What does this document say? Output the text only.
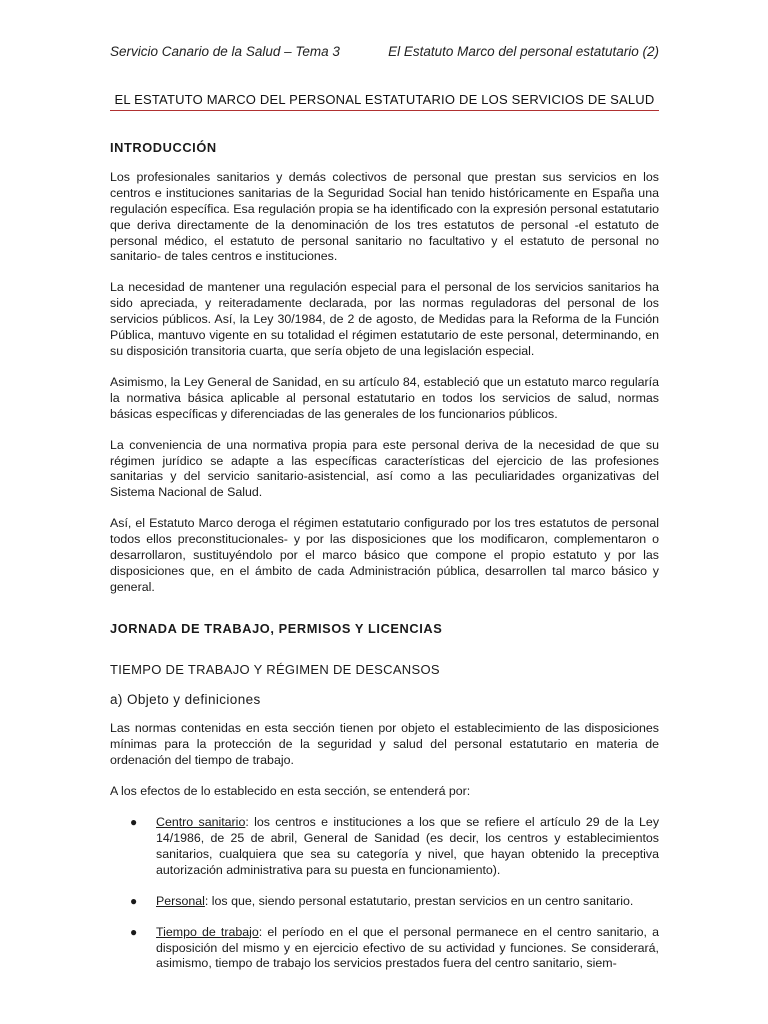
Servicio Canario de la Salud – Tema 3	El Estatuto Marco del personal estatutario (2)
EL ESTATUTO MARCO DEL PERSONAL ESTATUTARIO DE LOS SERVICIOS DE SALUD
INTRODUCCIÓN

Los profesionales sanitarios y demás colectivos de personal que prestan sus servicios en los centros e instituciones sanitarias de la Seguridad Social han tenido históricamente en España una regulación específica. Esa regulación propia se ha identificado con la expresión personal estatutario que deriva directamente de la denominación de los tres estatutos de personal -el estatuto de personal médico, el estatuto de personal sanitario no facultativo y el estatuto de personal no sanitario- de tales centros e instituciones.

La necesidad de mantener una regulación especial para el personal de los servicios sanitarios ha sido apreciada, y reiteradamente declarada, por las normas reguladoras del personal de los servicios públicos. Así, la Ley 30/1984, de 2 de agosto, de Medidas para la Reforma de la Función Pública, mantuvo vigente en su totalidad el régimen estatutario de este personal, determinando, en su disposición transitoria cuarta, que sería objeto de una legislación especial.

Asimismo, la Ley General de Sanidad, en su artículo 84, estableció que un estatuto marco regularía la normativa básica aplicable al personal estatutario en todos los servicios de salud, normas básicas específicas y diferenciadas de las generales de los funcionarios públicos.

La conveniencia de una normativa propia para este personal deriva de la necesidad de que su régimen jurídico se adapte a las específicas características del ejercicio de las profesiones sanitarias y del servicio sanitario-asistencial, así como a las peculiaridades organizativas del Sistema Nacional de Salud.

Así, el Estatuto Marco deroga el régimen estatutario configurado por los tres estatutos de personal todos ellos preconstitucionales- y por las disposiciones que los modificaron, complementaron o desarrollaron, sustituyéndolo por el marco básico que compone el propio estatuto y por las disposiciones que, en el ámbito de cada Administración pública, desarrollen tal marco básico y general.

JORNADA DE TRABAJO, PERMISOS Y LICENCIAS
TIEMPO DE TRABAJO Y RÉGIMEN DE DESCANSOS
a) Objeto y definiciones

Las normas contenidas en esta sección tienen por objeto el establecimiento de las disposiciones mínimas para la protección de la seguridad y salud del personal estatutario en materia de ordenación del tiempo de trabajo.

A los efectos de lo establecido en esta sección, se entenderá por:

● Centro sanitario: los centros e instituciones a los que se refiere el artículo 29 de la Ley 14/1986, de 25 de abril, General de Sanidad (es decir, los centros y establecimientos sanitarios, cualquiera que sea su categoría y nivel, que hayan obtenido la preceptiva autorización administrativa para su puesta en funcionamiento).
● Personal: los que, siendo personal estatutario, prestan servicios en un centro sanitario.
● Tiempo de trabajo: el período en el que el personal permanece en el centro sanitario, a disposición del mismo y en ejercicio efectivo de su actividad y funciones. Se considerará, asimismo, tiempo de trabajo los servicios prestados fuera del centro sanitario, siem-
